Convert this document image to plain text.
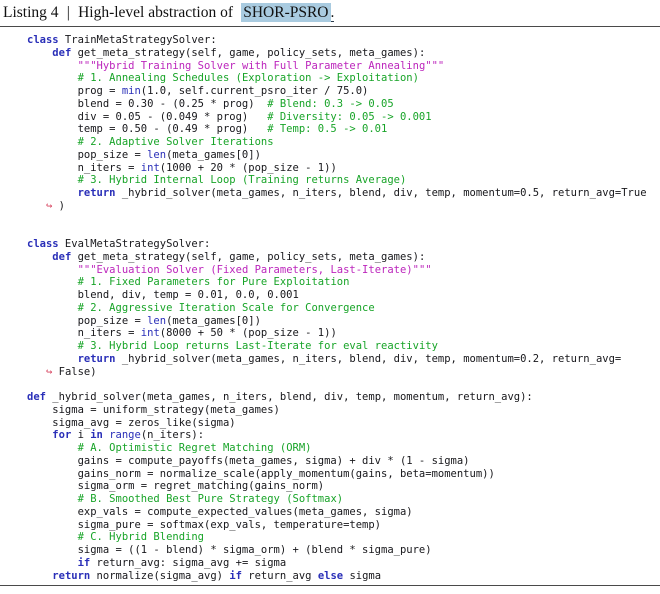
Listing 4 | High-level abstraction of SHOR-PSRO .
class TrainMetaStrategySolver:
def get_meta_strategy(self, game, policy_sets, meta_games):
"""Hybrid Training Solver with Full Parameter Annealing"""
# 1. Annealing Schedules (Exploration -> Exploitation)
prog = min(1.0, self.current_psro_iter / 75.0)
blend = 0.30 - (0.25 * prog)  # Blend: 0.3 -> 0.05
div = 0.05 - (0.049 * prog)   # Diversity: 0.05 -> 0.001
temp = 0.50 - (0.49 * prog)   # Temp: 0.5 -> 0.01
# 2. Adaptive Solver Iterations
pop_size = len(meta_games[0])
n_iters = int(1000 + 20 * (pop_size - 1))
# 3. Hybrid Internal Loop (Training returns Average)
return _hybrid_solver(meta_games, n_iters, blend, div, temp, momentum=0.5, return_avg=True
↪ )

class EvalMetaStrategySolver:
def get_meta_strategy(self, game, policy_sets, meta_games):
"""Evaluation Solver (Fixed Parameters, Last-Iterate)"""
# 1. Fixed Parameters for Pure Exploitation
blend, div, temp = 0.01, 0.0, 0.001
# 2. Aggressive Iteration Scale for Convergence
pop_size = len(meta_games[0])
n_iters = int(8000 + 50 * (pop_size - 1))
# 3. Hybrid Loop returns Last-Iterate for eval reactivity
return _hybrid_solver(meta_games, n_iters, blend, div, temp, momentum=0.2, return_avg=
↪ False)

def _hybrid_solver(meta_games, n_iters, blend, div, temp, momentum, return_avg):
sigma = uniform_strategy(meta_games)
sigma_avg = zeros_like(sigma)
for i in range(n_iters):
# A. Optimistic Regret Matching (ORM)
gains = compute_payoffs(meta_games, sigma) + div * (1 - sigma)
gains_norm = normalize_scale(apply_momentum(gains, beta=momentum))
sigma_orm = regret_matching(gains_norm)
# B. Smoothed Best Pure Strategy (Softmax)
exp_vals = compute_expected_values(meta_games, sigma)
sigma_pure = softmax(exp_vals, temperature=temp)
# C. Hybrid Blending
sigma = ((1 - blend) * sigma_orm) + (blend * sigma_pure)
if return_avg: sigma_avg += sigma
return normalize(sigma_avg) if return_avg else sigma
